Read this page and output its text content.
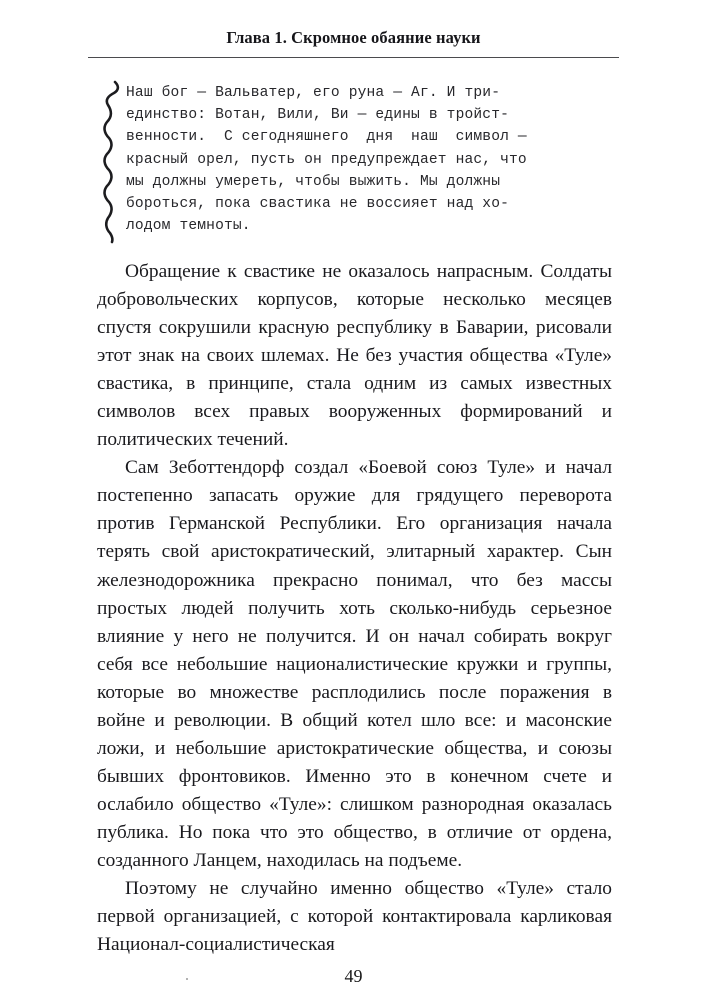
Глава 1. Скромное обаяние науки
Наш бог — Вальватер, его руна — Аг. И три-
единство: Вотан, Вили, Ви — едины в тройст-
венности.  С сегодняшнего  дня  наш  символ —
красный орел, пусть он предупреждает нас, что
мы должны умереть, чтобы выжить. Мы должны
бороться, пока свастика не воссияет над хо-
лодом темноты.

Обращение к свастике не оказалось напрасным. Солдаты добровольческих корпусов, которые несколько месяцев спустя сокрушили красную республику в Баварии, рисовали этот знак на своих шлемах. Не без участия общества «Туле» свастика, в принципе, стала одним из самых известных символов всех правых вооруженных формирований и политических течений.

Сам Зеботтендорф создал «Боевой союз Туле» и начал постепенно запасать оружие для грядущего переворота против Германской Республики. Его организация начала терять свой аристократический, элитарный характер. Сын железнодорожника прекрасно понимал, что без массы простых людей получить хоть сколько-нибудь серьезное влияние у него не получится. И он начал собирать вокруг себя все небольшие националистические кружки и группы, которые во множестве расплодились после поражения в войне и революции. В общий котел шло все: и масонские ложи, и небольшие аристократические общества, и союзы бывших фронтовиков. Именно это в конечном счете и ослабило общество «Туле»: слишком разнородная оказалась публика. Но пока что это общество, в отличие от ордена, созданного Ланцем, находилась на подъеме.

Поэтому не случайно именно общество «Туле» стало первой организацией, с которой контактировала карликовая Национал-социалистическая

49
